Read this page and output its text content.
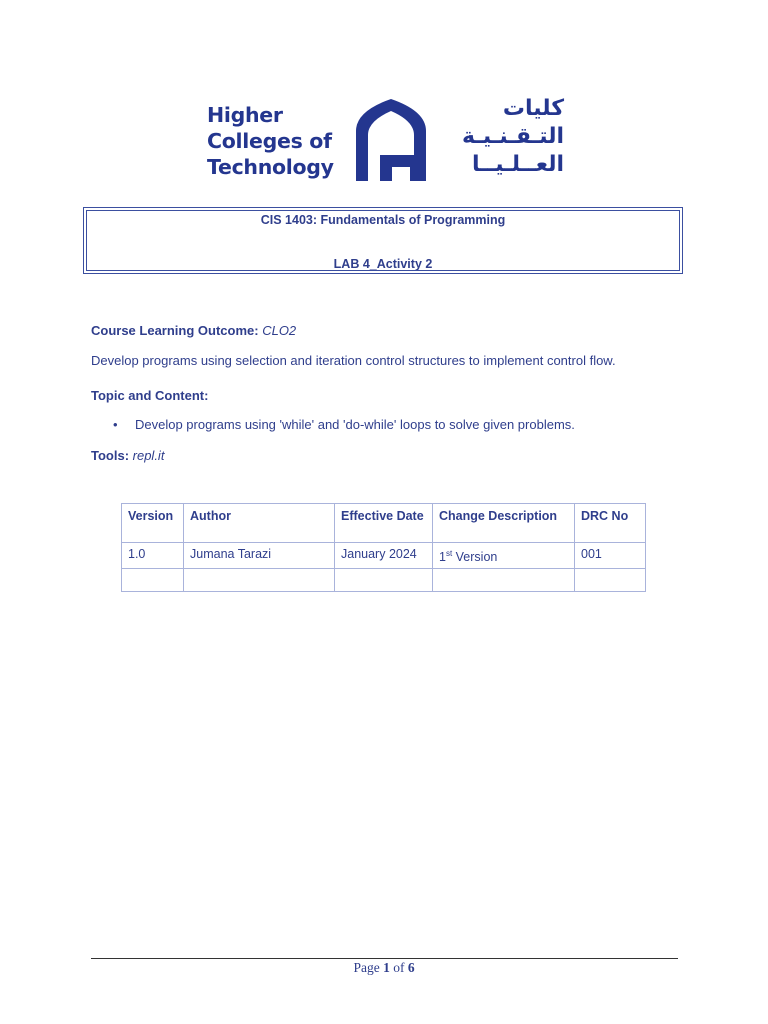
Higher
Colleges of
Technology
كليات
التـقـنـيـة
العــلـيــا
CIS 1403: Fundamentals of Programming
LAB 4_Activity 2
Course Learning Outcome: CLO2
Develop programs using selection and iteration control structures to implement control flow.
Topic and Content:
• Develop programs using 'while' and 'do-while' loops to solve given problems.
Tools: repl.it
Version	Author	Effective Date	Change Description	DRC No
1.0	Jumana Tarazi	January 2024	1st Version	001

Page 1 of 6
